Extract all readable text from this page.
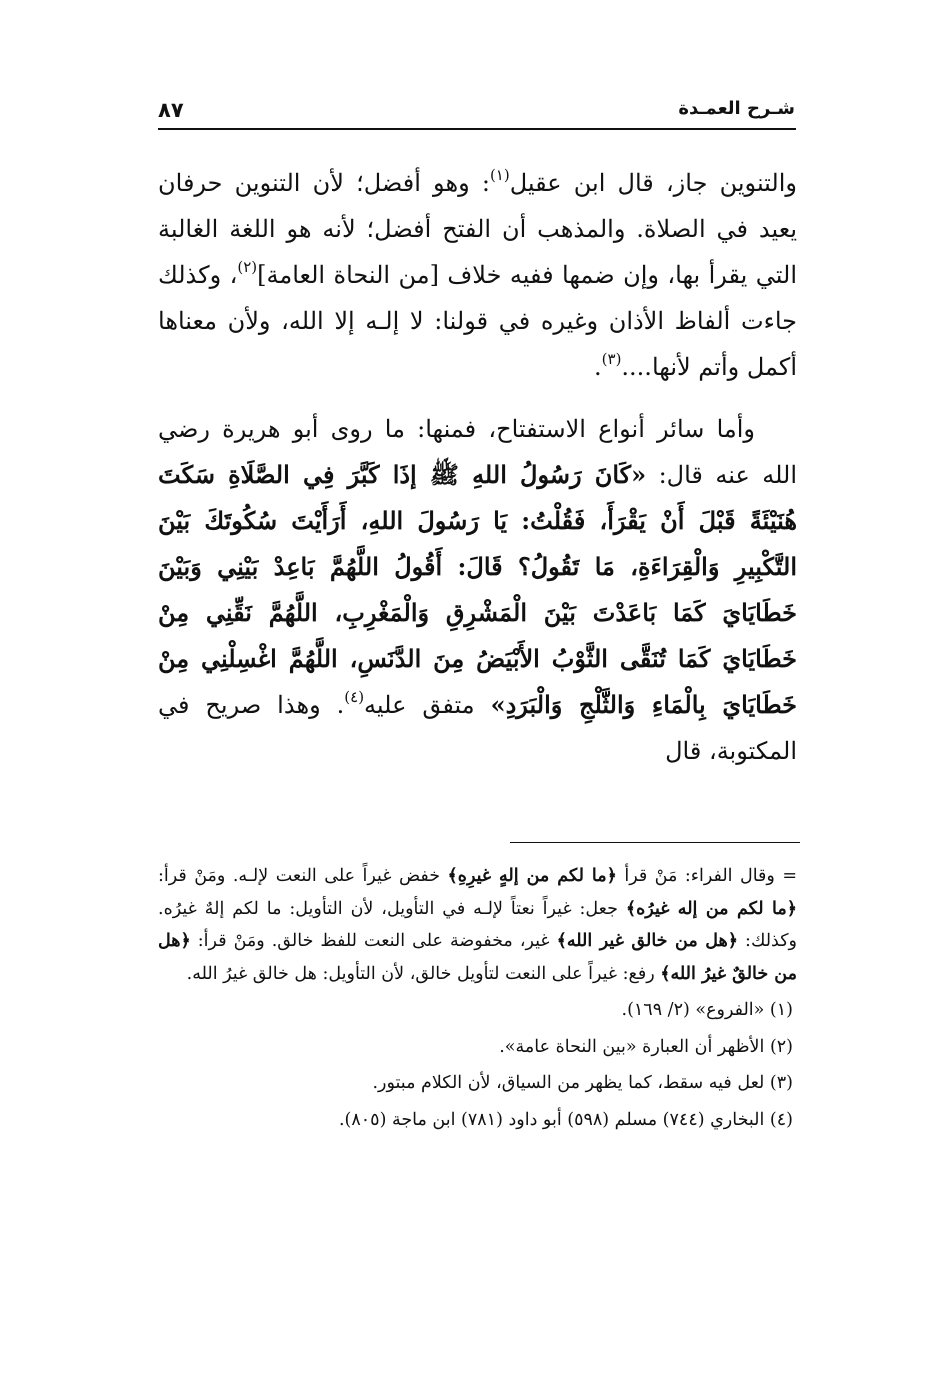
٨٧	شـرح العمـدة

والتنوين جاز، قال ابن عقيل$^{(١)}$: وهو أفضل؛ لأن التنوين حرفان يعيد في الصلاة. والمذهب أن الفتح أفضل؛ لأنه هو اللغة الغالبة التي يقرأ بها، وإن ضمها ففيه خلاف [من النحاة العامة]$^{(٢)}$، وكذلك جاءت ألفاظ الأذان وغيره في قولنا: لا إلـه إلا الله، ولأن معناها أكمل وأتم لأنها....$^{(٣)}$.

وأما سائر أنواع الاستفتاح، فمنها: ما روى أبو هريرة رضي الله عنه قال: «كَانَ رَسُولُ اللهِ ﷺ إذَا كَبَّرَ فِي الصَّلَاةِ سَكَتَ هُنَيْئَةً قَبْلَ أَنْ يَقْرَأَ، فَقُلْتُ: يَا رَسُولَ اللهِ، أَرَأَيْتَ سُكُوتَكَ بَيْنَ التَّكْبِيرِ وَالْقِرَاءَةِ، مَا تَقُولُ؟ قَالَ: أَقُولُ اللَّهُمَّ بَاعِدْ بَيْنِي وَبَيْنَ خَطَايَايَ كَمَا بَاعَدْتَ بَيْنَ الْمَشْرِقِ وَالْمَغْرِبِ، اللَّهُمَّ نَقِّنِي مِنْ خَطَايَايَ كَمَا تُنَقَّى الثَّوْبُ الأَبْيَضُ مِنَ الدَّنَسِ، اللَّهُمَّ اغْسِلْنِي مِنْ خَطَايَايَ بِالْمَاءِ وَالثَّلْجِ وَالْبَرَدِ» متفق عليه$^{(٤)}$. وهذا صريح في المكتوبة، قال

= وقال الفراء: مَنْ قرأ ﴿ما لكم من إلهٍ غيرِهِ﴾ خفض غيراً على النعت لإلـه. ومَنْ قرأ: ﴿ما لكم من إله غيرُه﴾ جعل: غيراً نعتاً لإلـه في التأويل، لأن التأويل: ما لكم إلهٌ غيرُه. وكذلك: ﴿هل من خالق غير الله﴾ غير، مخفوضة على النعت للفظ خالق. ومَنْ قرأ: ﴿هل من خالقٌ غيرُ الله﴾ رفع: غيراً على النعت لتأويل خالق، لأن التأويل: هل خالق غيرُ الله.

(١) «الفروع» (٢/ ١٦٩).

(٢) الأظهر أن العبارة «بين النحاة عامة».

(٣) لعل فيه سقط، كما يظهر من السياق، لأن الكلام مبتور.

(٤) البخاري (٧٤٤) مسلم (٥٩٨) أبو داود (٧٨١) ابن ماجة (٨٠٥).
